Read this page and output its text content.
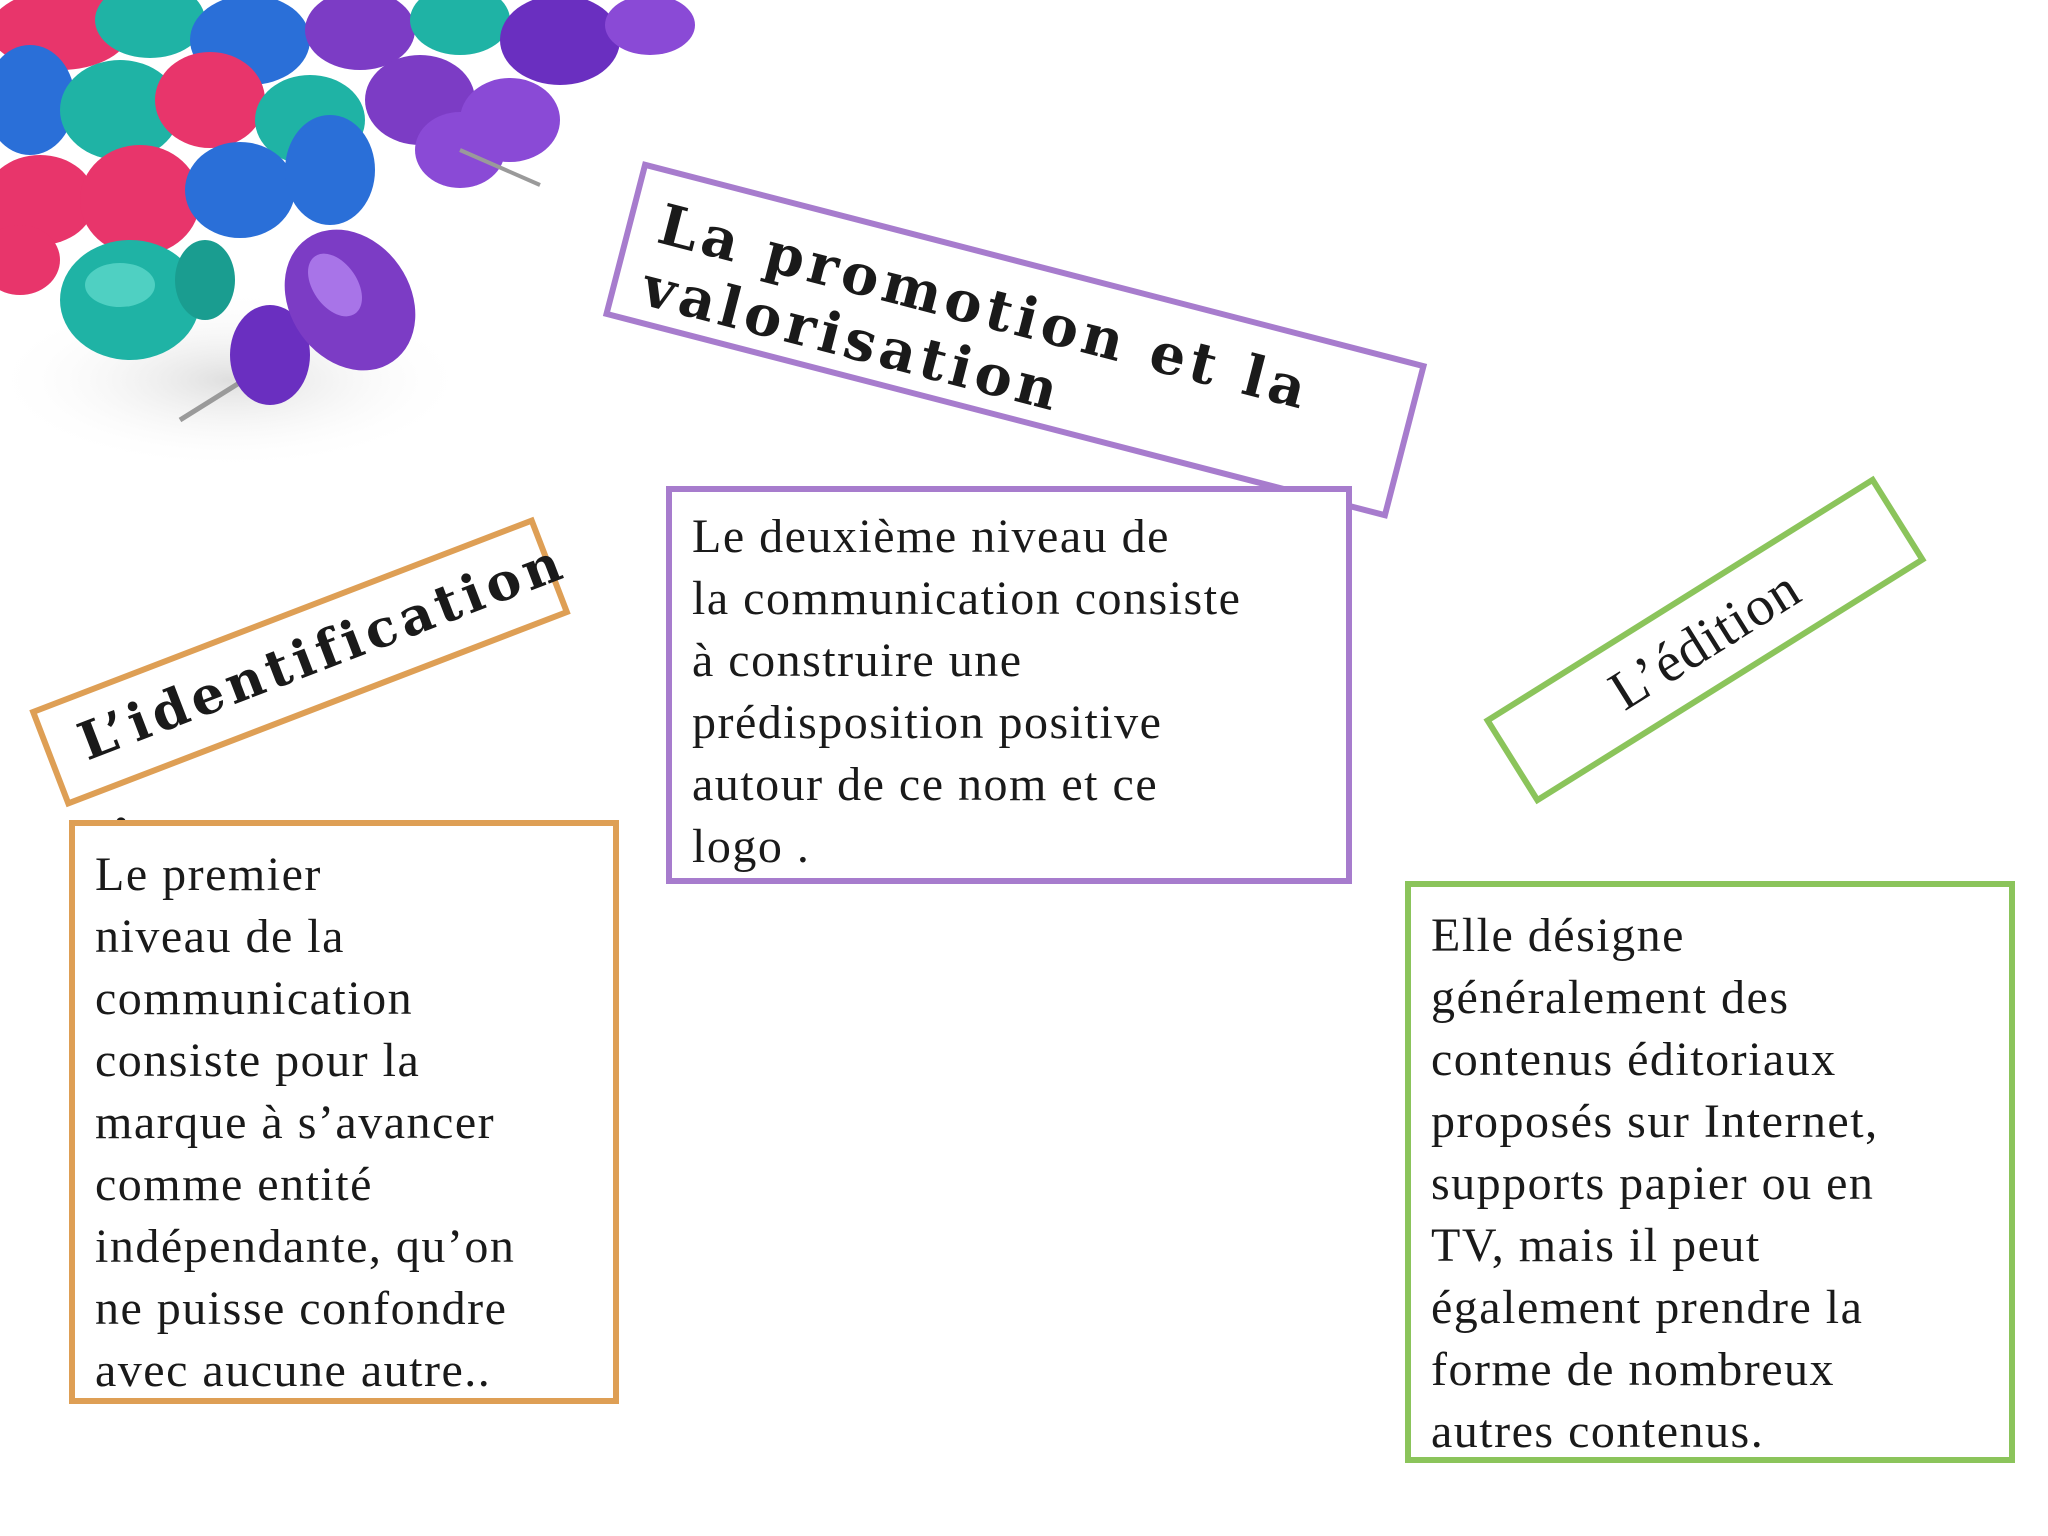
La promotion et la valorisation
Le deuxième niveau de
la communication consiste
à construire une
prédisposition positive
autour de ce nom et ce
logo .
L’identification
Le premier
niveau de la
communication
consiste pour la
marque à s’avancer
comme entité
indépendante, qu’on
ne puisse confondre
avec aucune autre..
L’édition
Elle désigne
généralement des
contenus éditoriaux
proposés sur Internet,
supports papier ou en
TV, mais il peut
également prendre la
forme de nombreux
autres contenus.
